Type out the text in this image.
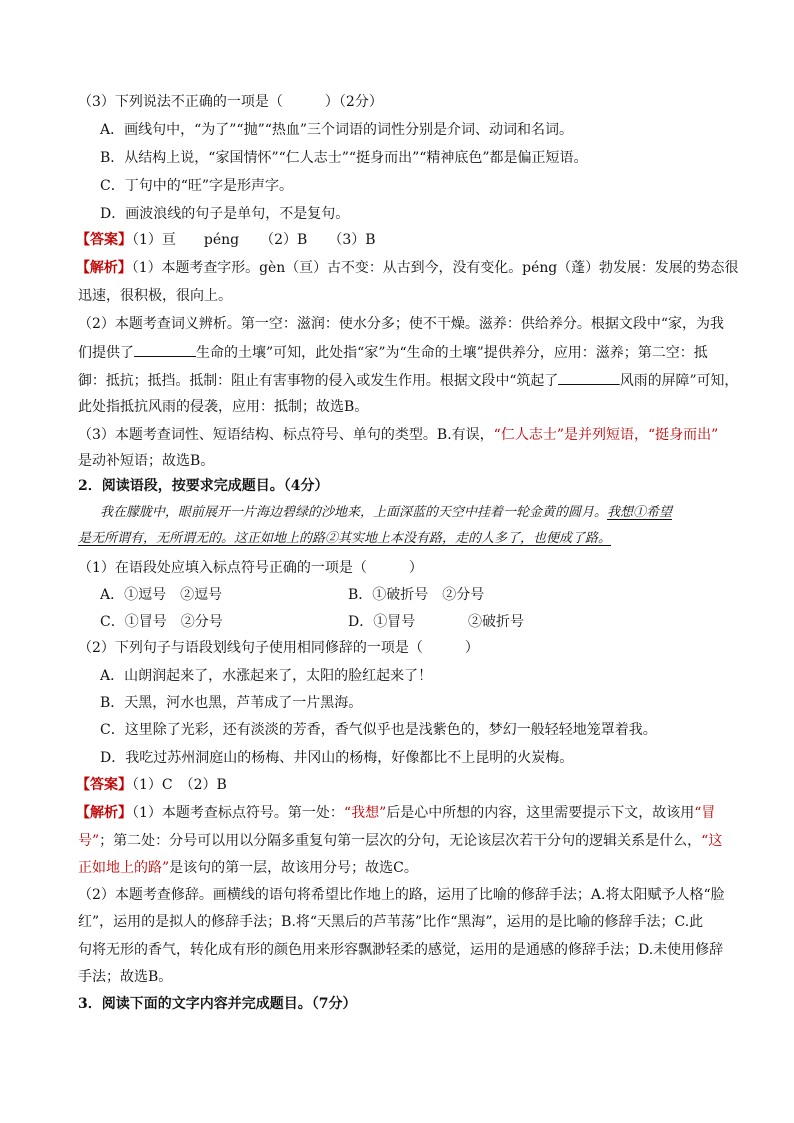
（3）下列说法不正确的一项是（　　　）（2分）
A．画线句中，“为了”“抛”“热血”三个词语的词性分别是介词、动词和名词。
B．从结构上说，“家国情怀”“仁人志士”“挺身而出”“精神底色”都是偏正短语。
C．丁句中的“旺”字是形声字。
D．画波浪线的句子是单句，不是复句。
【答案】（1）亘　　péng　　（2）B　　（3）B
【解析】（1）本题考查字形。gèn（亘）古不变：从古到今，没有变化。péng（蓬）勃发展：发展的势态很
迅速，很积极，很向上。
（2）本题考查词义辨析。第一空：滋润：使水分多；使不干燥。滋养：供给养分。根据文段中“家，为我
们提供了	生命的土壤”可知，此处指“家”为“生命的土壤”提供养分，应用：滋养；第二空：抵
御：抵抗；抵挡。抵制：阻止有害事物的侵入或发生作用。根据文段中“筑起了	风雨的屏障”可知，
此处指抵抗风雨的侵袭，应用：抵制；故选B。
（3）本题考查词性、短语结构、标点符号、单句的类型。B.有误，“仁人志士”是并列短语，“挺身而出”
是动补短语；故选B。
2．阅读语段，按要求完成题目。（4分）
我在朦胧中，眼前展开一片海边碧绿的沙地来，上面深蓝的天空中挂着一轮金黄的圆月。我想①希望
是无所谓有，无所谓无的。这正如地上的路②其实地上本没有路，走的人多了，也便成了路。
（1）在语段处应填入标点符号正确的一项是（　　　）
A．①逗号　②逗号	B．①破折号　②分号
C．①冒号　②分号	D．①冒号	②破折号
（2）下列句子与语段划线句子使用相同修辞的一项是（　　　）
A．山朗润起来了，水涨起来了，太阳的脸红起来了！
B．天黑，河水也黑，芦苇成了一片黑海。
C．这里除了光彩，还有淡淡的芳香，香气似乎也是浅紫色的，梦幻一般轻轻地笼罩着我。
D．我吃过苏州洞庭山的杨梅、井冈山的杨梅，好像都比不上昆明的火炭梅。
【答案】（1）C　（2）B
【解析】（1）本题考查标点符号。第一处：“我想”后是心中所想的内容，这里需要提示下文，故该用“冒
号”；第二处：分号可以用以分隔多重复句第一层次的分句，无论该层次若干分句的逻辑关系是什么，“这
正如地上的路”是该句的第一层，故该用分号；故选C。
（2）本题考查修辞。画横线的语句将希望比作地上的路，运用了比喻的修辞手法；A.将太阳赋予人格“脸
红”，运用的是拟人的修辞手法；B.将“天黑后的芦苇荡”比作“黑海”，运用的是比喻的修辞手法；C.此
句将无形的香气，转化成有形的颜色用来形容飘渺轻柔的感觉，运用的是通感的修辞手法；D.未使用修辞
手法；故选B。
3．阅读下面的文字内容并完成题目。（7分）
